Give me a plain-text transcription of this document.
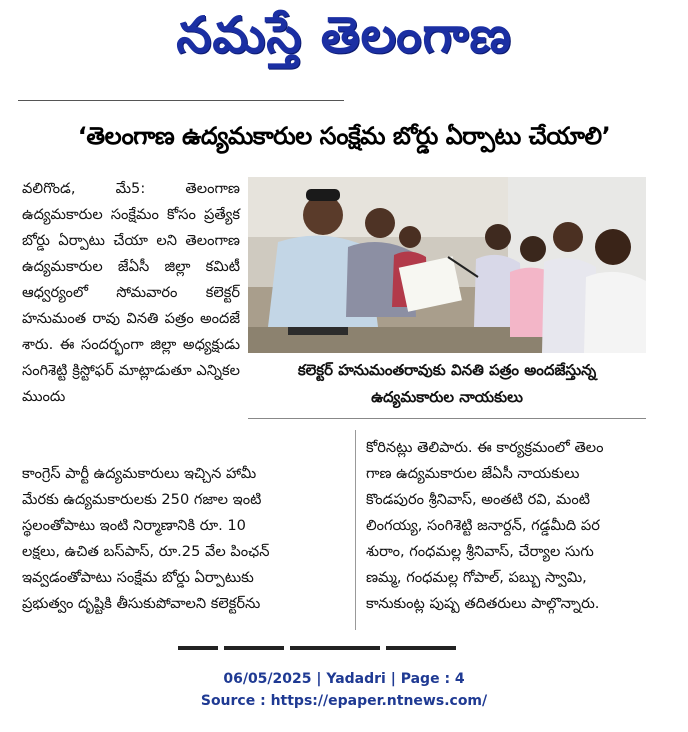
నమస్తే తెలంగాణ
‘తెలంగాణ ఉద్యమకారుల సంక్షేమ బోర్డు ఏర్పాటు చేయాలి’

వలిగొండ, మే5:	తెలంగాణ ఉద్యమకారుల సంక్షేమం కోసం ప్రత్యేక బోర్డు ఏర్పాటు చేయా లని తెలంగాణ ఉద్యమకారుల జేఏసీ జిల్లా కమిటీ ఆధ్వర్యంలో సోమవారం కలెక్టర్ హనుమంత రావు వినతి పత్రం అందజే శారు. ఈ సందర్భంగా జిల్లా అధ్యక్షుడు సంగిశెట్టి క్రిస్టోఫర్ మాట్లాడుతూ ఎన్నికల ముందు

కలెక్టర్ హనుమంతరావుకు వినతి పత్రం అందజేస్తున్న
ఉద్యమకారుల నాయకులు
కాంగ్రెస్ పార్టీ ఉద్యమకారులు ఇచ్చిన హామీ
మేరకు ఉద్యమకారులకు 250 గజాల ఇంటి
స్థలంతోపాటు ఇంటి నిర్మాణానికి రూ. 10
లక్షలు, ఉచిత బస్‌పాస్, రూ.25 వేల పింఛన్
ఇవ్వడంతోపాటు సంక్షేమ బోర్డు ఏర్పాటుకు
ప్రభుత్వం దృష్టికి తీసుకుపోవాలని కలెక్టర్‌ను
కోరినట్లు తెలిపారు. ఈ కార్యక్రమంలో తెలం
గాణ ఉద్యమకారుల జేఏసీ నాయకులు
కొండపురం శ్రీనివాస్, అంతటి రవి, మంటి
లింగయ్య, సంగిశెట్టి జనార్దన్, గడ్డమీది పర
శురాం, గంధమల్ల శ్రీనివాస్, చేర్యాల సుగు
ణమ్మ, గంధమల్ల గోపాల్, పబ్బు స్వామి,
కానుకుంట్ల పుష్ప తదితరులు పాల్గొన్నారు.
06/05/2025 | Yadadri | Page : 4
Source : https://epaper.ntnews.com/
